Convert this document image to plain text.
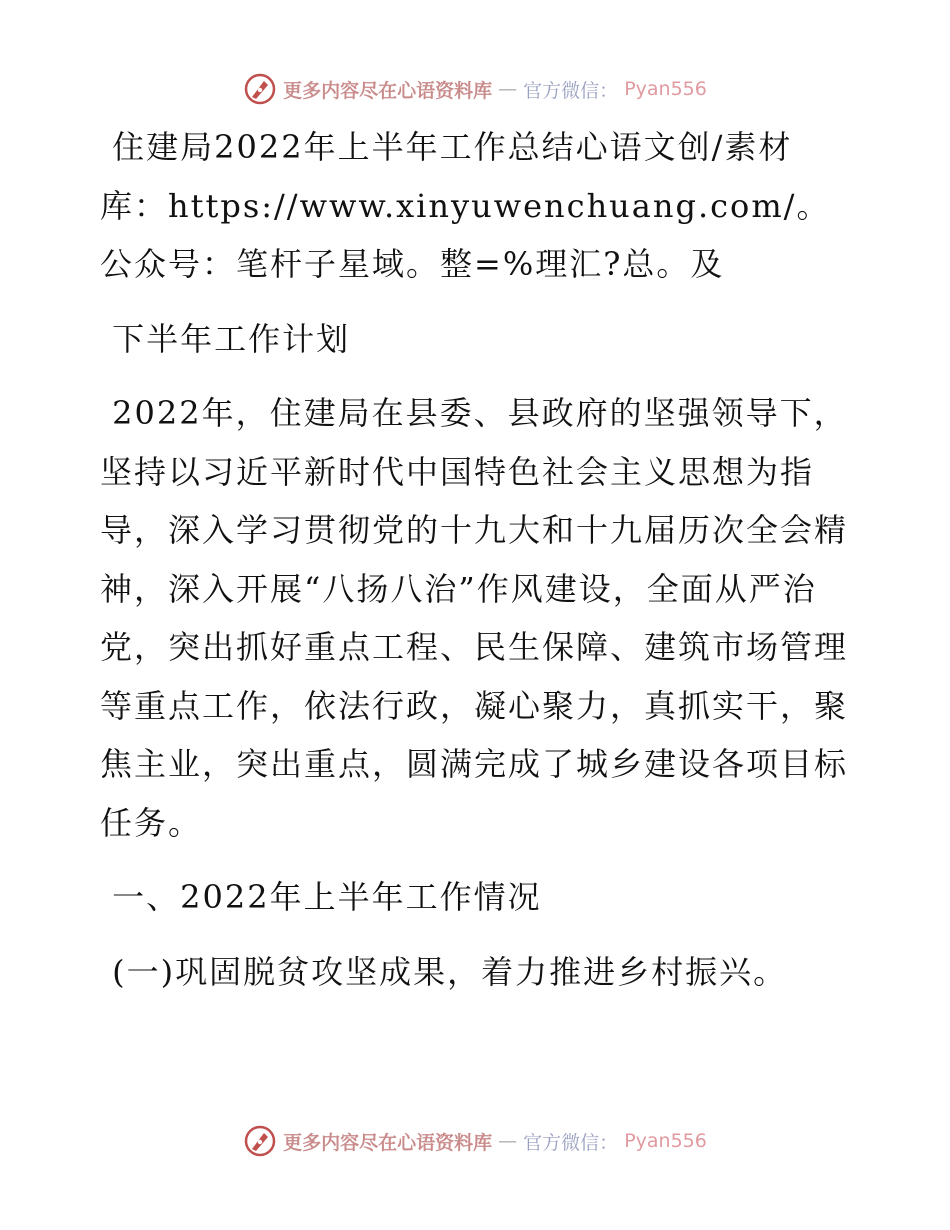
更多内容尽在心语资料库 — 官方微信： Pyan556

住建局2022年上半年工作总结心语文创/素材库：https://www.xinyuwenchuang.com/。公众号：笔杆子星域。整=%理汇?总。及

下半年工作计划

2022年，住建局在县委、县政府的坚强领导下，坚持以习近平新时代中国特色社会主义思想为指导，深入学习贯彻党的十九大和十九届历次全会精神，深入开展“八扬八治”作风建设，全面从严治党，突出抓好重点工程、民生保障、建筑市场管理等重点工作，依法行政，凝心聚力，真抓实干，聚焦主业，突出重点，圆满完成了城乡建设各项目标任务。

一、2022年上半年工作情况

(一)巩固脱贫攻坚成果，着力推进乡村振兴。

更多内容尽在心语资料库 — 官方微信： Pyan556
